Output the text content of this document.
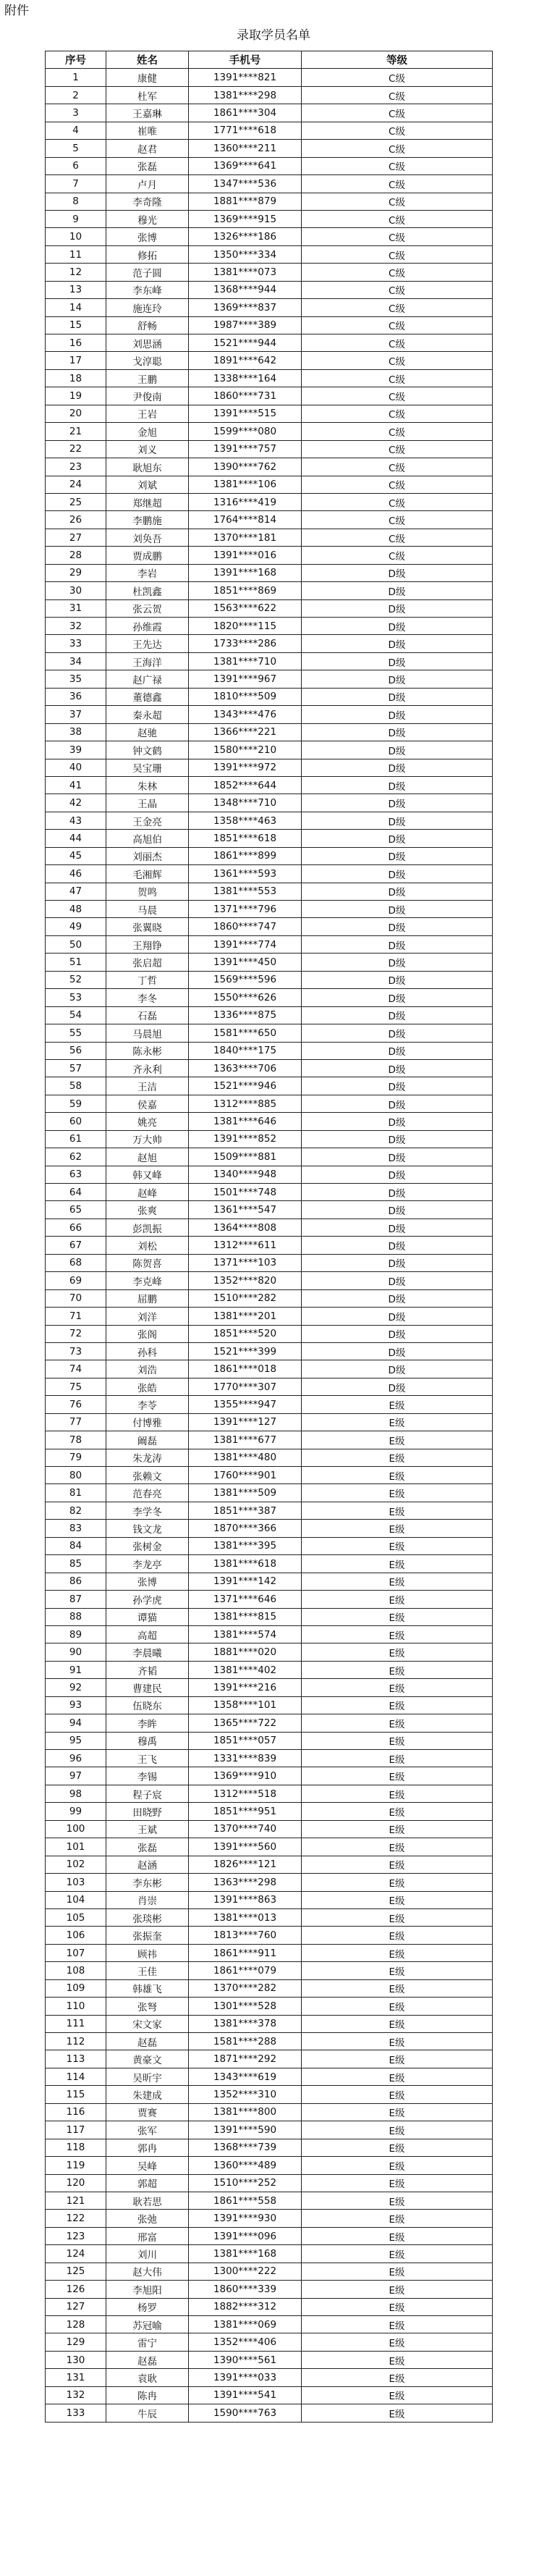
附件
录取学员名单
序号	姓名	手机号	等级
1	康健	1391****821	C级
2	杜军	1381****298	C级
3	王嘉琳	1861****304	C级
4	崔唯	1771****618	C级
5	赵君	1360****211	C级
6	张磊	1369****641	C级
7	卢月	1347****536	C级
8	李奇隆	1881****879	C级
9	穆光	1369****915	C级
10	张博	1326****186	C级
11	修拓	1350****334	C级
12	范子圆	1381****073	C级
13	李东峰	1368****944	C级
14	施连玲	1369****837	C级
15	舒畅	1987****389	C级
16	刘思涵	1521****944	C级
17	戈淳聪	1891****642	C级
18	王鹏	1338****164	C级
19	尹俊南	1860****731	C级
20	王岩	1391****515	C级
21	金旭	1599****080	C级
22	刘义	1391****757	C级
23	耿旭东	1390****762	C级
24	刘斌	1381****106	C级
25	郑继超	1316****419	C级
26	李鹏施	1764****814	C级
27	刘奂吾	1370****181	C级
28	贾成鹏	1391****016	C级
29	李岩	1391****168	D级
30	杜凯鑫	1851****869	D级
31	张云贺	1563****622	D级
32	孙维霞	1820****115	D级
33	王先达	1733****286	D级
34	王海洋	1381****710	D级
35	赵广禄	1391****967	D级
36	董德鑫	1810****509	D级
37	秦永超	1343****476	D级
38	赵驰	1366****221	D级
39	钟文鹤	1580****210	D级
40	吴宝珊	1391****972	D级
41	朱林	1852****644	D级
42	王晶	1348****710	D级
43	王金亮	1358****463	D级
44	高旭伯	1851****618	D级
45	刘丽杰	1861****899	D级
46	毛湘辉	1361****593	D级
47	贺鸣	1381****553	D级
48	马晨	1371****796	D级
49	张翼晓	1860****747	D级
50	王翔铮	1391****774	D级
51	张启超	1391****450	D级
52	丁哲	1569****596	D级
53	李冬	1550****626	D级
54	石磊	1336****875	D级
55	马晨旭	1581****650	D级
56	陈永彬	1840****175	D级
57	齐永利	1363****706	D级
58	王洁	1521****946	D级
59	侯嘉	1312****885	D级
60	姚亮	1381****646	D级
61	万大帅	1391****852	D级
62	赵旭	1509****881	D级
63	韩又峰	1340****948	D级
64	赵峰	1501****748	D级
65	张爽	1361****547	D级
66	彭凯振	1364****808	D级
67	刘松	1312****611	D级
68	陈贺喜	1371****103	D级
69	李克峰	1352****820	D级
70	屈鹏	1510****282	D级
71	刘洋	1381****201	D级
72	张阁	1851****520	D级
73	孙科	1521****399	D级
74	刘浩	1861****018	D级
75	张皓	1770****307	D级
76	李苓	1355****947	E级
77	付博雅	1391****127	E级
78	阚磊	1381****677	E级
79	朱龙涛	1381****480	E级
80	张赖文	1760****901	E级
81	范春亮	1381****509	E级
82	李学冬	1851****387	E级
83	钱文龙	1870****366	E级
84	张树金	1381****395	E级
85	李龙亭	1381****618	E级
86	张博	1391****142	E级
87	孙学虎	1371****646	E级
88	谭猫	1381****815	E级
89	高超	1381****574	E级
90	李晨曦	1881****020	E级
91	齐韬	1381****402	E级
92	曹建民	1391****216	E级
93	伍晓东	1358****101	E级
94	李眸	1365****722	E级
95	穆禹	1851****057	E级
96	王飞	1331****839	E级
97	李锡	1369****910	E级
98	程子宸	1312****518	E级
99	田晓野	1851****951	E级
100	王斌	1370****740	E级
101	张磊	1391****560	E级
102	赵涵	1826****121	E级
103	李东彬	1363****298	E级
104	肖崇	1391****863	E级
105	张琰彬	1381****013	E级
106	张振奎	1813****760	E级
107	顾祎	1861****911	E级
108	王佳	1861****079	E级
109	韩雄飞	1370****282	E级
110	张弩	1301****528	E级
111	宋文家	1381****378	E级
112	赵磊	1581****288	E级
113	黄豪文	1871****292	E级
114	吴昕宇	1343****619	E级
115	朱建成	1352****310	E级
116	贾赛	1381****800	E级
117	张军	1391****590	E级
118	郭冉	1368****739	E级
119	吴峰	1360****489	E级
120	郭超	1510****252	E级
121	耿若思	1861****558	E级
122	张弛	1391****930	E级
123	邢富	1391****096	E级
124	刘川	1381****168	E级
125	赵大伟	1300****222	E级
126	李旭阳	1860****339	E级
127	杨罗	1882****312	E级
128	苏冠喻	1381****069	E级
129	雷宁	1352****406	E级
130	赵磊	1390****561	E级
131	袁耿	1391****033	E级
132	陈冉	1391****541	E级
133	牛辰	1590****763	E级
